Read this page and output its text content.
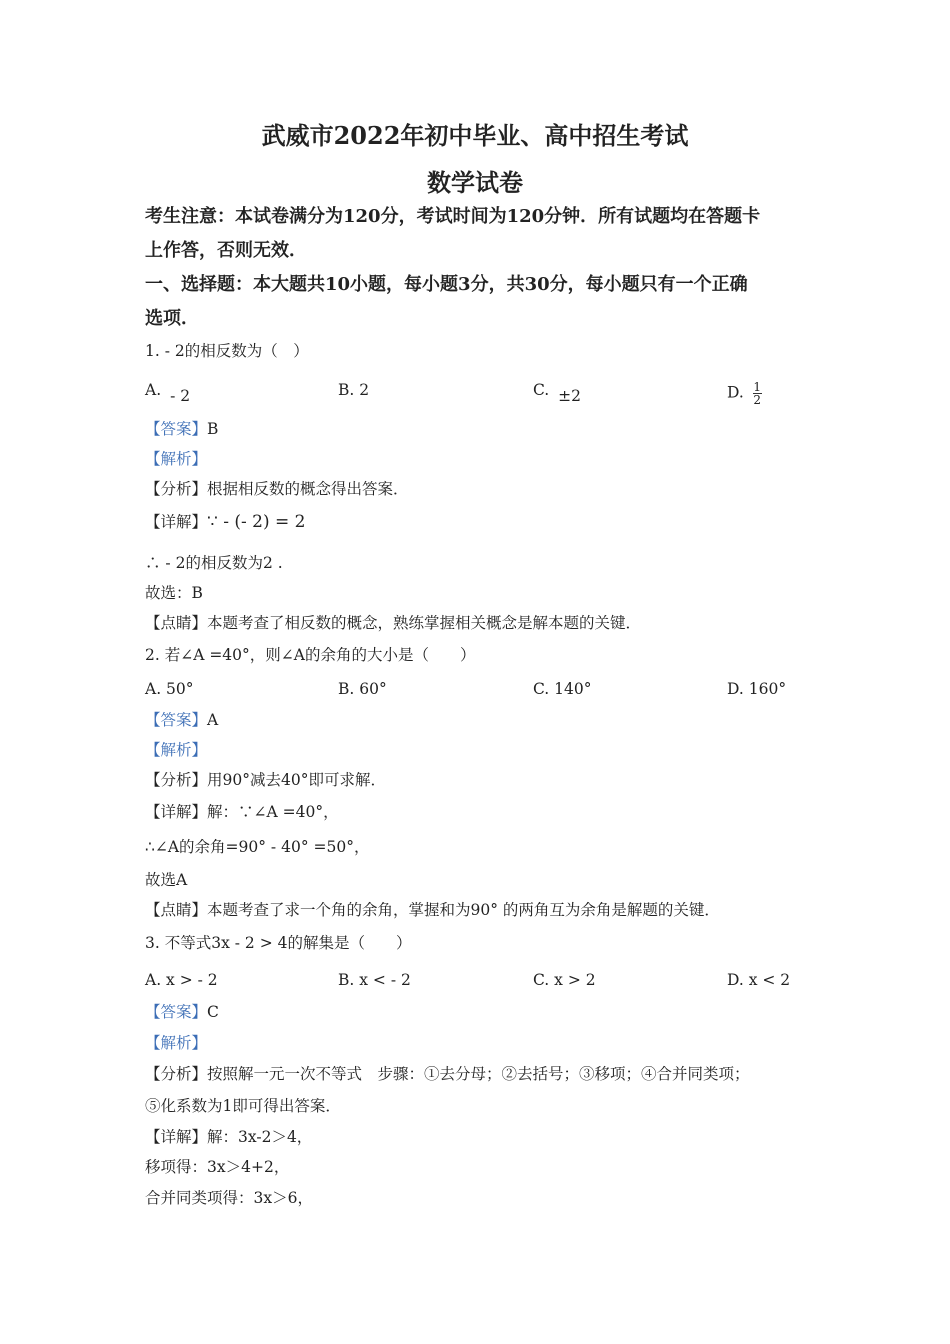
武威市2022年初中毕业、高中招生考试
数学试卷
考生注意：本试卷满分为120分，考试时间为120分钟．所有试题均在答题卡
上作答，否则无效．
一、选择题：本大题共10小题，每小题3分，共30分，每小题只有一个正确
选项．
1. - 2的相反数为（　）
A. - 2	B. 2	C. ±2	D. $\frac{1}{2}$
【答案】B
【解析】
【分析】根据相反数的概念得出答案．
【详解】∵ - (- 2) = 2
∴ - 2的相反数为2 .
故选：B
【点睛】本题考查了相反数的概念，熟练掌握相关概念是解本题的关键．
2. 若∠A =40°，则∠A的余角的大小是（　　）
A. 50°	B. 60°	C. 140°	D. 160°
【答案】A
【解析】
【分析】用90°减去40°即可求解．
【详解】解：∵∠A =40°，
∴∠A的余角=90° - 40° =50°，
故选A
【点睛】本题考查了求一个角的余角，掌握和为90° 的两角互为余角是解题的关键．
3. 不等式3x - 2 > 4的解集是（　　）
A. x > - 2	B. x < - 2	C. x > 2	D. x < 2
【答案】C
【解析】
【分析】按照解一元一次不等式　步骤：①去分母；②去括号；③移项；④合并同类项；
⑤化系数为1即可得出答案．
【详解】解：3x-2＞4，
移项得：3x＞4+2，
合并同类项得：3x＞6，
